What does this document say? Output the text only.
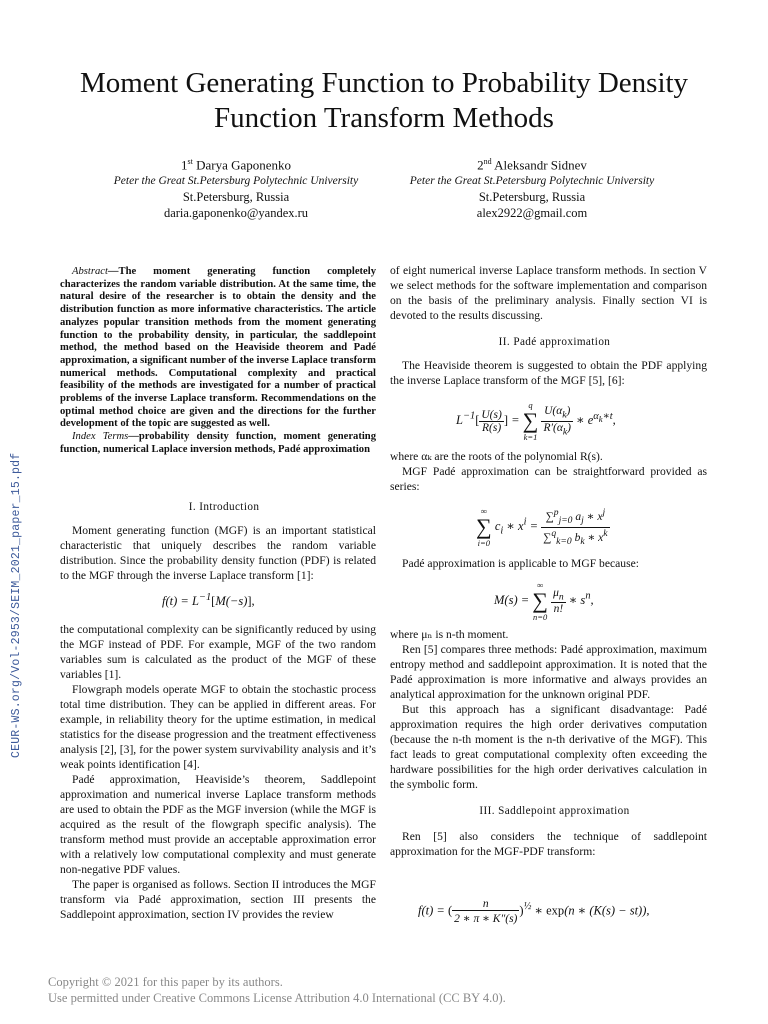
CEUR-WS.org/Vol-2953/SEIM_2021_paper_15.pdf
Moment Generating Function to Probability Density Function Transform Methods
1st Darya Gaponenko
Peter the Great St.Petersburg Polytechnic University
St.Petersburg, Russia
daria.gaponenko@yandex.ru
2nd Aleksandr Sidnev
Peter the Great St.Petersburg Polytechnic University
St.Petersburg, Russia
alex2922@gmail.com

Abstract—The moment generating function completely characterizes the random variable distribution. At the same time, the natural desire of the researcher is to obtain the density and the distribution function as more informative characteristics. The article analyzes popular transition methods from the moment generating function to the probability density, in particular, the saddlepoint method, the method based on the Heaviside theorem and Padé approximation, a significant number of the inverse Laplace transform numerical methods. Computational complexity and practical feasibility of the methods are investigated for a number of practical problems of the inverse Laplace transform. Recommendations on the optimal method choice are given and the directions for the further development of the topic are suggested as well.

Index Terms—probability density function, moment generating function, numerical Laplace inversion methods, Padé approximation

I. Introduction

Moment generating function (MGF) is an important statistical characteristic that uniquely describes the random variable distribution. Since the probability density function (PDF) is related to the MGF through the inverse Laplace transform [1]:

$f(t) = L^{-1}[M(-s)]$,

the computational complexity can be significantly reduced by using the MGF instead of PDF. For example, MGF of the two random variables sum is calculated as the product of the MGF of these variables [1].

Flowgraph models operate MGF to obtain the stochastic process total time distribution. They can be applied in different areas. For example, in reliability theory for the uptime estimation, in medical statistics for the disease progression and the treatment effectiveness analysis [2], [3], for the power system survivability analysis and it’s weak points identification [4].

Padé approximation, Heaviside’s theorem, Saddlepoint approximation and numerical inverse Laplace transform methods are used to obtain the PDF as the MGF inversion (while the MGF is acquired as the result of the flowgraph specific analysis). The transform method must provide an acceptable approximation error with a relatively low computational complexity and must generate non-negative PDF values.

The paper is organised as follows. Section II introduces the MGF transform via Padé approximation, section III presents the Saddlepoint approximation, section IV provides the review

of eight numerical inverse Laplace transform methods. In section V we select methods for the software implementation and comparison on the basis of the preliminary analysis. Finally section VI is devoted to the results discussing.

II. Padé approximation

The Heaviside theorem is suggested to obtain the PDF applying the inverse Laplace transform of the MGF [5], [6]:

$L^{-1}[ \frac{U(s)}{R(s)}$ ] = q
∑
k=1
$\frac{U(\alpha_k)}{R'(\alpha_k)}$ ∗ $e^{\alpha_k∗t}$,

where αₖ are the roots of the polynomial R(s).

MGF Padé approximation can be straightforward provided as series:

∞
∑
i=0 $c_i$ ∗ $x^i = \frac{\sum^p_{j=0} a_j ∗ x^j}{\sum^q_{k=0} b_k ∗ x^k}$

Padé approximation is applicable to MGF because:

M(s) = ∞
∑
n=0
$\frac{\mu_n}{n!}$ ∗ $s^n$,

where μₙ is n-th moment.

Ren [5] compares three methods: Padé approximation, maximum entropy method and saddlepoint approximation. It is noted that the Padé approximation is more informative and always provides an analytical approximation for the unknown original PDF.

But this approach has a significant disadvantage: Padé approximation requires the high order derivatives computation (because the n-th moment is the n-th derivative of the MGF). This fact leads to great computational complexity often exceeding the hardware possibilities for the high order derivatives calculation in the symbolic form.

III. Saddlepoint approximation

Ren [5] also considers the technique of saddlepoint approximation for the MGF-PDF transform:

f(t) = ( $\frac{n}{2 ∗ \pi ∗ K''(s)} )^{\frac{1}{2}}$ ∗ exp(n ∗ (K(s) − st)),
Copyright © 2021 for this paper by its authors.
Use permitted under Creative Commons License Attribution 4.0 International (CC BY 4.0).
